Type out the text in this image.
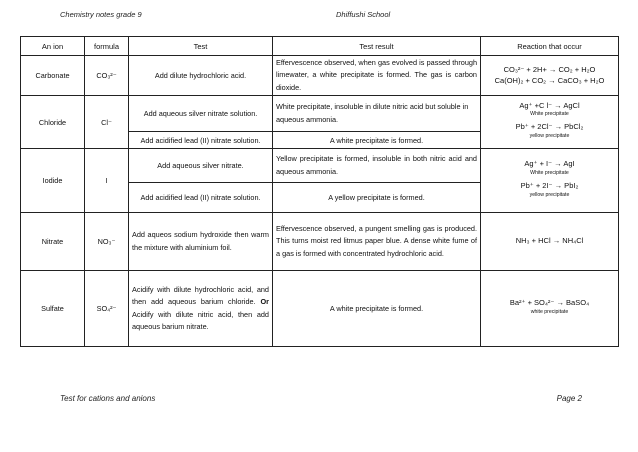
Chemistry notes grade 9	Dhiffushi School
An ion	formula	Test	Test result	Reaction that occur
Carbonate	CO₃²⁻	Add dilute hydrochloric acid.	Effervescence observed, when gas evolved is passed through limewater, a white precipitate is formed. The gas is carbon dioxide.	CO₃²⁻ + 2H+ → CO₂ + H₂O
Ca(OH)₂ + CO₂ → CaCO₃ + H₂O

Chloride	Cl⁻	Add aqueous silver nitrate solution.	White precipitate, insoluble in dilute nitric acid but soluble in aqueous ammonia.	Ag⁺ +C l⁻ → AgCl
White precipitate
Pb⁺ + 2Cl⁻ → PbCl₂
yellow precipitate

		Add acidified lead (II) nitrate solution.	A white precipitate is formed.	
Iodide	I	Add aqueous silver nitrate.	Yellow precipitate is formed, insoluble in both nitric acid and aqueous ammonia.	Ag⁺ + I⁻ → AgI
White precipitate
Pb⁺ + 2I⁻ → PbI₂
yellow precipitate

		Add acidified lead (II) nitrate solution.	A yellow precipitate is formed.	
Nitrate	NO₃⁻	Add aqueos sodium hydroxide then warm the mixture with aluminium foil.	Effervescence observed, a pungent smelling gas is produced. This turns moist red litmus paper blue. A dense white fume of a gas is formed with concentrated hydrochloric acid.	NH₃ + HCl → NH₄Cl

Sulfate	SO₄²⁻	Acidify with dilute hydrochloric acid, and then add aqueous barium chloride. Or Acidify with dilute nitric acid, then add aqueous barium nitrate.	A white precipitate is formed.	Ba²⁺ + SO₄²⁻ → BaSO₄
white precipitate
Test for cations and anions	Page 2
